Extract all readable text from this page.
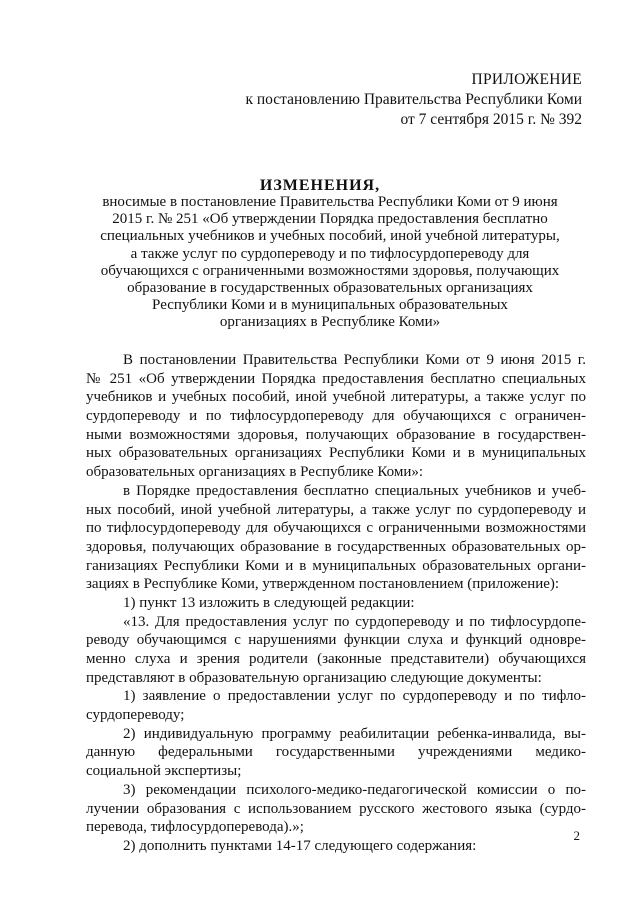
ПРИЛОЖЕНИЕ
к постановлению Правительства Республики Коми
от 7 сентября 2015 г. № 392
ИЗМЕНЕНИЯ,
вносимые в постановление Правительства Республики Коми от 9 июня
2015 г. № 251 «Об утверждении Порядка предоставления бесплатно
специальных учебников и учебных пособий, иной учебной литературы,
а также услуг по сурдопереводу и по тифлосурдопереводу для
обучающихся с ограниченными возможностями здоровья, получающих
образование в государственных образовательных организациях
Республики Коми и в муниципальных образовательных
организациях в Республике Коми»
В постановлении Правительства Республики Коми от 9 июня 2015 г.
№ 251 «Об утверждении Порядка предоставления бесплатно специальных
учебников и учебных пособий, иной учебной литературы, а также услуг по
сурдопереводу и по тифлосурдопереводу для обучающихся с ограничен-
ными возможностями здоровья, получающих образование в государствен-
ных образовательных организациях Республики Коми и в муниципальных
образовательных организациях в Республике Коми»:
в Порядке предоставления бесплатно специальных учебников и учеб-
ных пособий, иной учебной литературы, а также услуг по сурдопереводу и
по тифлосурдопереводу для обучающихся с ограниченными возможностями
здоровья, получающих образование в государственных образовательных ор-
ганизациях Республики Коми и в муниципальных образовательных органи-
зациях в Республике Коми, утвержденном постановлением (приложение):
1) пункт 13 изложить в следующей редакции:
«13. Для предоставления услуг по сурдопереводу и по тифлосурдопе-
реводу обучающимся с нарушениями функции слуха и функций одновре-
менно слуха и зрения родители (законные представители) обучающихся
представляют в образовательную организацию следующие документы:
1) заявление о предоставлении услуг по сурдопереводу и по тифло-
сурдопереводу;
2) индивидуальную программу реабилитации ребенка-инвалида, вы-
данную федеральными государственными учреждениями медико-
социальной экспертизы;
3) рекомендации психолого-медико-педагогической комиссии о по-
лучении образования с использованием русского жестового языка (сурдо-
перевода, тифлосурдоперевода).»;
2) дополнить пунктами 14-17 следующего содержания:
2
